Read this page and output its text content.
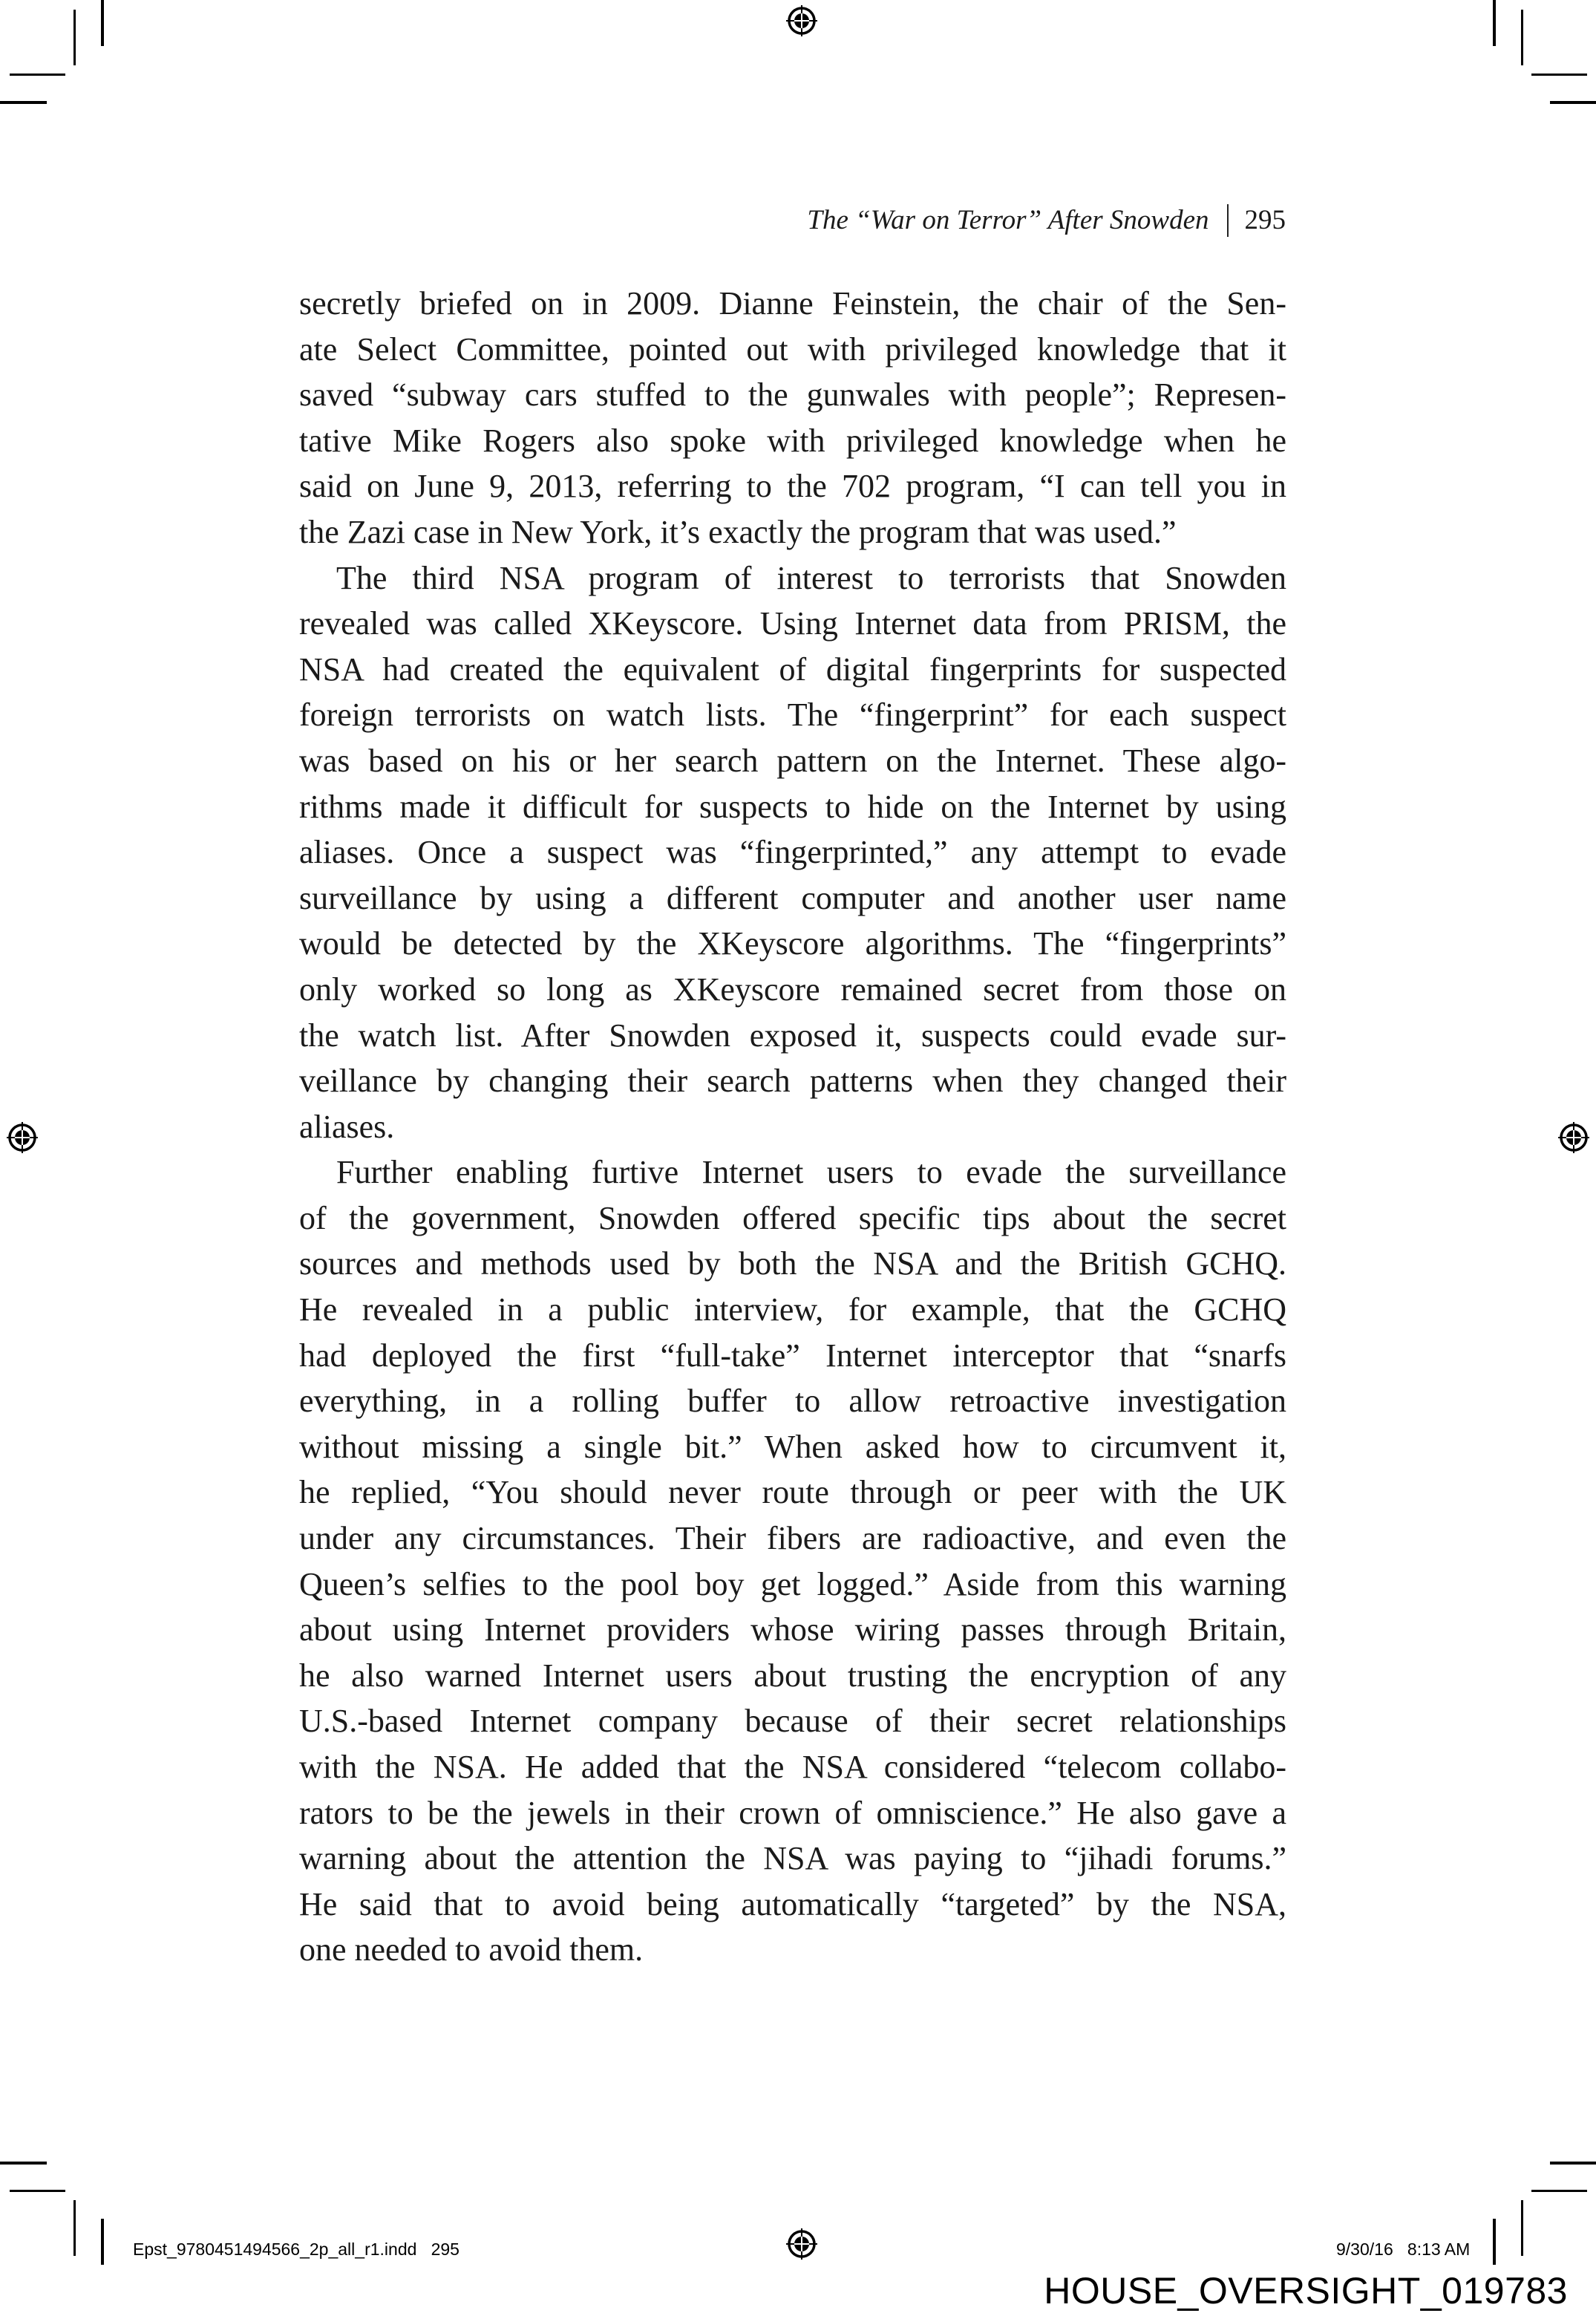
The “War on Terror” After Snowden 295
secretly briefed on in 2009. Dianne Feinstein, the chair of the Sen-
ate Select Committee, pointed out with privileged knowledge that it
saved “subway cars stuffed to the gunwales with people”; Represen-
tative Mike Rogers also spoke with privileged knowledge when he
said on June 9, 2013, referring to the 702 program, “I can tell you in
the Zazi case in New York, it’s exactly the program that was used.”
The third NSA program of interest to terrorists that Snowden
revealed was called XKeyscore. Using Internet data from PRISM, the
NSA had created the equivalent of digital fingerprints for suspected
foreign terrorists on watch lists. The “fingerprint” for each suspect
was based on his or her search pattern on the Internet. These algo-
rithms made it difficult for suspects to hide on the Internet by using
aliases. Once a suspect was “fingerprinted,” any attempt to evade
surveillance by using a different computer and another user name
would be detected by the XKeyscore algorithms. The “fingerprints”
only worked so long as XKeyscore remained secret from those on
the watch list. After Snowden exposed it, suspects could evade sur-
veillance by changing their search patterns when they changed their
aliases.
Further enabling furtive Internet users to evade the surveillance
of the government, Snowden offered specific tips about the secret
sources and methods used by both the NSA and the British GCHQ.
He revealed in a public interview, for example, that the GCHQ
had deployed the first “full-take” Internet interceptor that “snarfs
everything, in a rolling buffer to allow retroactive investigation
without missing a single bit.” When asked how to circumvent it,
he replied, “You should never route through or peer with the UK
under any circumstances. Their fibers are radioactive, and even the
Queen’s selfies to the pool boy get logged.” Aside from this warning
about using Internet providers whose wiring passes through Britain,
he also warned Internet users about trusting the encryption of any
U.S.-based Internet company because of their secret relationships
with the NSA. He added that the NSA considered “telecom collabo-
rators to be the jewels in their crown of omniscience.” He also gave a
warning about the attention the NSA was paying to “jihadi forums.”
He said that to avoid being automatically “targeted” by the NSA,
one needed to avoid them.
Epst_9780451494566_2p_all_r1.indd 295	9/30/16 8:13 AM
HOUSE_OVERSIGHT_019783
